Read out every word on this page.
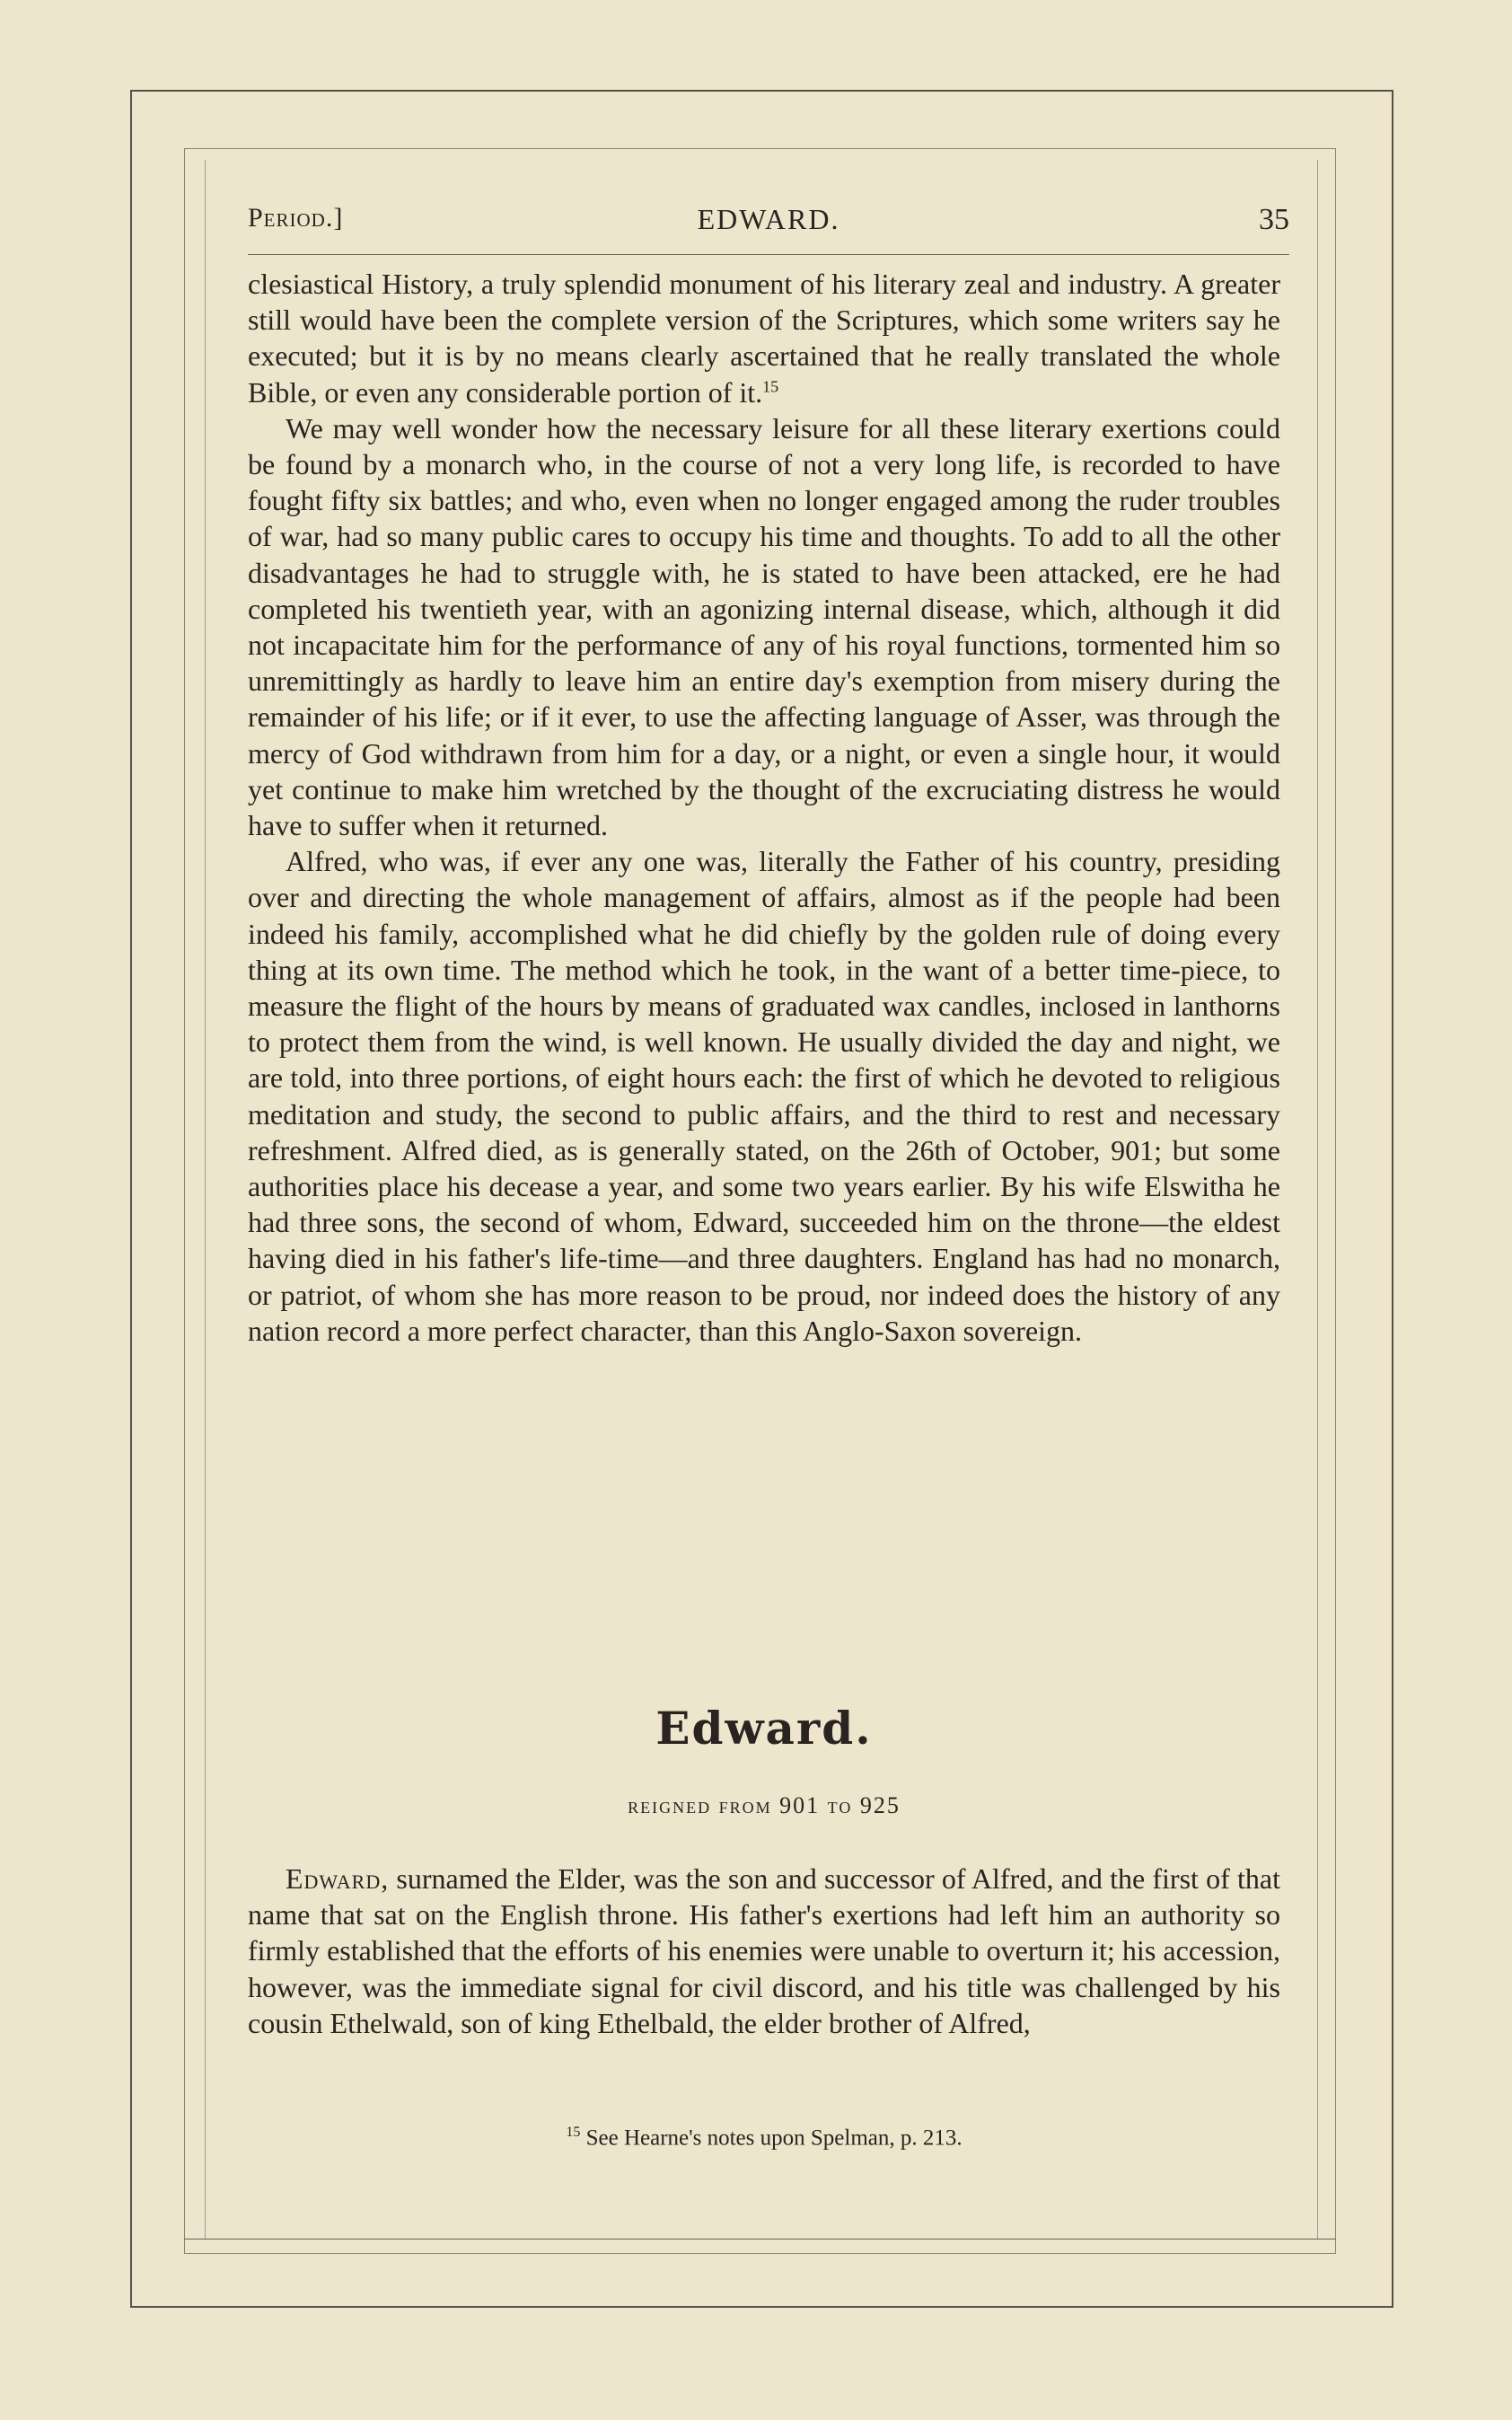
Period.]	EDWARD.	35

clesiastical History, a truly splendid monument of his literary zeal and industry. A greater still would have been the complete version of the Scriptures, which some writers say he executed; but it is by no means clearly ascertained that he really translated the whole Bible, or even any considerable portion of it.$^{15}$

We may well wonder how the necessary leisure for all these literary exertions could be found by a monarch who, in the course of not a very long life, is recorded to have fought fifty six battles; and who, even when no longer engaged among the ruder troubles of war, had so many public cares to occupy his time and thoughts. To add to all the other disadvantages he had to struggle with, he is stated to have been attacked, ere he had completed his twentieth year, with an agonizing internal disease, which, although it did not incapacitate him for the performance of any of his royal functions, tormented him so unremittingly as hardly to leave him an entire day's exemption from misery during the remainder of his life; or if it ever, to use the affecting language of Asser, was through the mercy of God withdrawn from him for a day, or a night, or even a single hour, it would yet continue to make him wretched by the thought of the excruciating distress he would have to suffer when it returned.

Alfred, who was, if ever any one was, literally the Father of his country, presiding over and directing the whole management of affairs, almost as if the people had been indeed his family, accomplished what he did chiefly by the golden rule of doing every thing at its own time. The method which he took, in the want of a better time-piece, to measure the flight of the hours by means of graduated wax candles, inclosed in lanthorns to protect them from the wind, is well known. He usually divided the day and night, we are told, into three portions, of eight hours each: the first of which he devoted to religious meditation and study, the second to public affairs, and the third to rest and necessary refreshment. Alfred died, as is generally stated, on the 26th of October, 901; but some authorities place his decease a year, and some two years earlier. By his wife Elswitha he had three sons, the second of whom, Edward, succeeded him on the throne—the eldest having died in his father's life-time—and three daughters. England has had no monarch, or patriot, of whom she has more reason to be proud, nor indeed does the history of any nation record a more perfect character, than this Anglo-Saxon sovereign.

Edward.
reigned from 901 to 925

Edward, surnamed the Elder, was the son and successor of Alfred, and the first of that name that sat on the English throne. His father's exertions had left him an authority so firmly established that the efforts of his enemies were unable to overturn it; his accession, however, was the immediate signal for civil discord, and his title was challenged by his cousin Ethelwald, son of king Ethelbald, the elder brother of Alfred,

$^{15}$ See Hearne's notes upon Spelman, p. 213.
